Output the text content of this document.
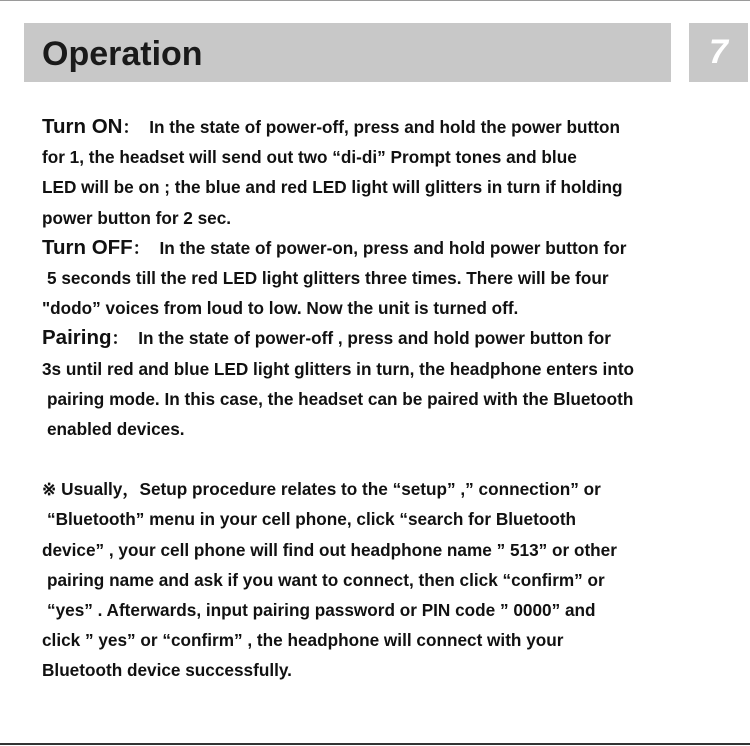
Operation	7
Turn ON：  In the state of power-off, press and hold the power button
for 1, the headset will send out two “di-di” Prompt tones and blue
LED will be on ; the blue and red LED light will glitters in turn if holding
power button for 2 sec.
Turn OFF：  In the state of power-on, press and hold power button for
5 seconds till the red LED light glitters three times. There will be four
"dodo” voices from loud to low. Now the unit is turned off.
Pairing：  In the state of power-off , press and hold power button for
3s until red and blue LED light glitters in turn, the headphone enters into
pairing mode. In this case, the headset can be paired with the Bluetooth
enabled devices.
※ Usually，Setup procedure relates to the “setup” ,” connection” or
“Bluetooth” menu in your cell phone, click “search for Bluetooth
device” , your cell phone will find out headphone name ” 513” or other
pairing name and ask if you want to connect, then click “confirm” or
“yes” . Afterwards, input pairing password or PIN code ” 0000” and
click ” yes” or “confirm” , the headphone will connect with your
Bluetooth device successfully.
